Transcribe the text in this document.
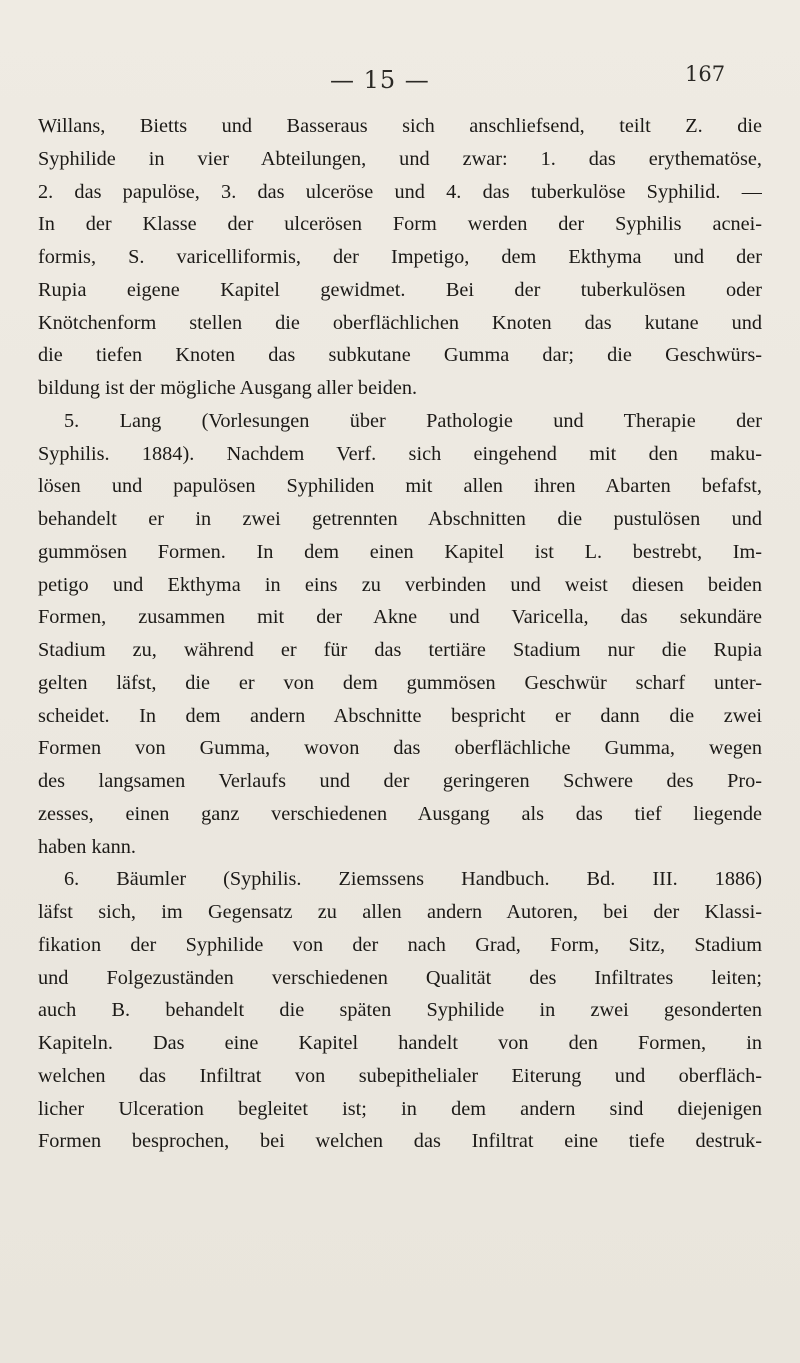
— 15 —	167
Willans, Bietts und Basseraus sich anschliefsend, teilt Z. die
Syphilide in vier Abteilungen, und zwar: 1. das erythematöse,
2. das papulöse, 3. das ulceröse und 4. das tuberkulöse Syphilid. —
In der Klasse der ulcerösen Form werden der Syphilis acnei-
formis, S. varicelliformis, der Impetigo, dem Ekthyma und der
Rupia eigene Kapitel gewidmet. Bei der tuberkulösen oder
Knötchenform stellen die oberflächlichen Knoten das kutane und
die tiefen Knoten das subkutane Gumma dar; die Geschwürs-
bildung ist der mögliche Ausgang aller beiden.
5. Lang (Vorlesungen über Pathologie und Therapie der
Syphilis. 1884). Nachdem Verf. sich eingehend mit den maku-
lösen und papulösen Syphiliden mit allen ihren Abarten befafst,
behandelt er in zwei getrennten Abschnitten die pustulösen und
gummösen Formen. In dem einen Kapitel ist L. bestrebt, Im-
petigo und Ekthyma in eins zu verbinden und weist diesen beiden
Formen, zusammen mit der Akne und Varicella, das sekundäre
Stadium zu, während er für das tertiäre Stadium nur die Rupia
gelten läfst, die er von dem gummösen Geschwür scharf unter-
scheidet. In dem andern Abschnitte bespricht er dann die zwei
Formen von Gumma, wovon das oberflächliche Gumma, wegen
des langsamen Verlaufs und der geringeren Schwere des Pro-
zesses, einen ganz verschiedenen Ausgang als das tief liegende
haben kann.
6. Bäumler (Syphilis. Ziemssens Handbuch. Bd. III. 1886)
läfst sich, im Gegensatz zu allen andern Autoren, bei der Klassi-
fikation der Syphilide von der nach Grad, Form, Sitz, Stadium
und Folgezuständen verschiedenen Qualität des Infiltrates leiten;
auch B. behandelt die späten Syphilide in zwei gesonderten
Kapiteln. Das eine Kapitel handelt von den Formen, in
welchen das Infiltrat von subepithelialer Eiterung und oberfläch-
licher Ulceration begleitet ist; in dem andern sind diejenigen
Formen besprochen, bei welchen das Infiltrat eine tiefe destruk-
